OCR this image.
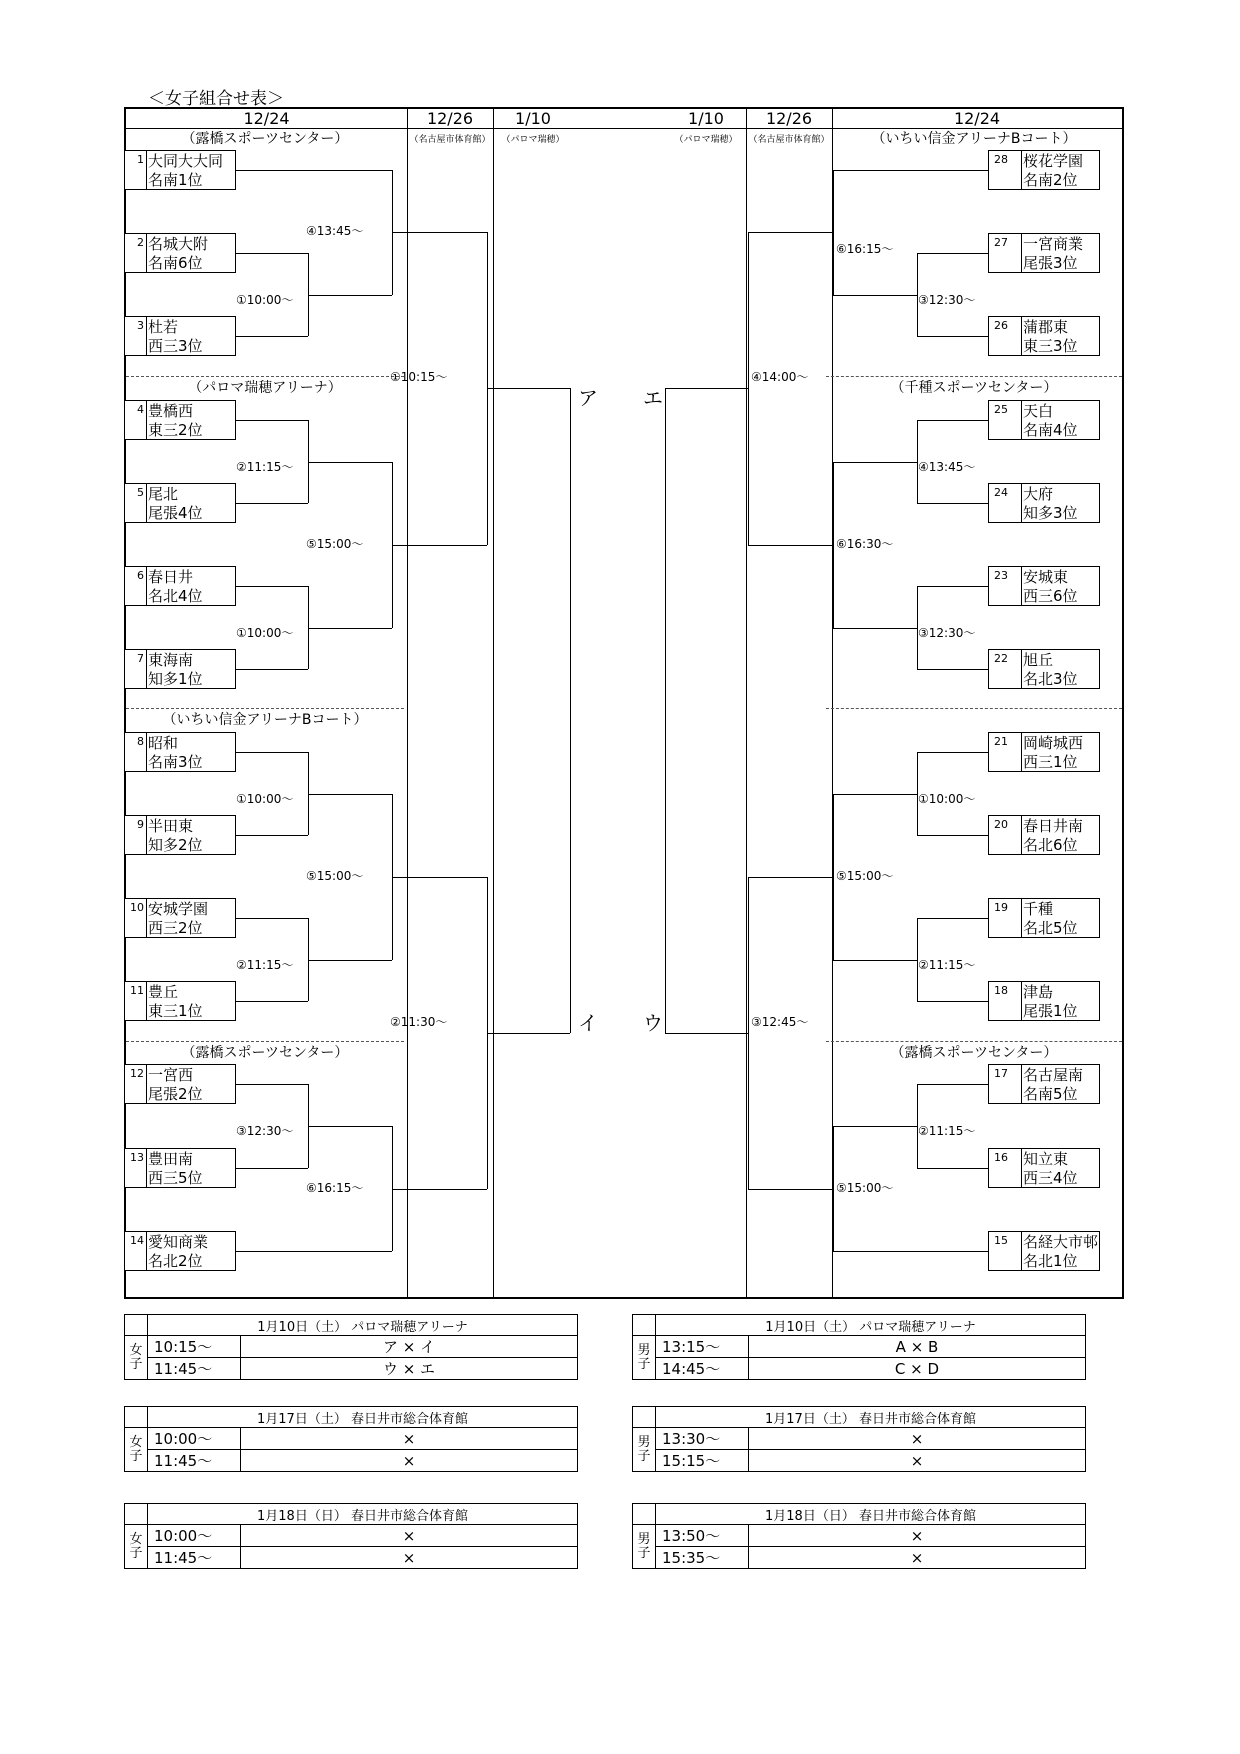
＜女子組合せ表＞
12/24	12/26	1/10	1/10	12/26	12/24
（名古屋市体育館）	（パロマ瑞穂）	（パロマ瑞穂）	（名古屋市体育館）
1 大同大大同
名南1位
2 名城大附
名南6位
3 杜若
西三3位
4 豊橋西
東三2位
5 尾北
尾張4位
6 春日井
名北4位
7 東海南
知多1位
8 昭和
名南3位
9 半田東
知多2位
10 安城学園
西三2位
11 豊丘
東三1位
12 一宮西
尾張2位
13 豊田南
西三5位
14 愛知商業
名北2位
（露橋スポーツセンター）
（パロマ瑞穂アリーナ）
（いちい信金アリーナBコート）
（露橋スポーツセンター）
（いちい信金アリーナBコート）
（千種スポーツセンター）
（露橋スポーツセンター）
28 桜花学園
名南2位
27 一宮商業
尾張3位
26 蒲郡東
東三3位
25 天白
名南4位
24 大府
知多3位
23 安城東
西三6位
22 旭丘
名北3位
21 岡崎城西
西三1位
20 春日井南
名北6位
19 千種
名北5位
18 津島
尾張1位
17 名古屋南
名南5位
16 知立東
西三4位
15 名経大市邨
名北1位
④13:45～
①10:00～
②11:15～
⑤15:00～
①10:00～
①10:00～
⑤15:00～
②11:15～
③12:30～
⑥16:15～
①10:15～
②11:30～
⑥16:15～
③12:30～
④13:45～
⑥16:30～
③12:30～
①10:00～
⑤15:00～
②11:15～
②11:15～
⑤15:00～
④14:00～
③12:45～
ア エ
イ ウ
	1月10日（土） パロマ瑞穂アリーナ	

女
子	10:15～	ア × イ
	11:45～	ウ × エ
	1月10日（土） パロマ瑞穂アリーナ	

男
子	13:15～	A × B
	14:45～	C × D
	1月17日（土） 春日井市総合体育館	

女
子	10:00～	×
	11:45～	×
	1月17日（土） 春日井市総合体育館	

男
子	13:30～	×
	15:15～	×
	1月18日（日） 春日井市総合体育館	

女
子	10:00～	×
	11:45～	×
	1月18日（日） 春日井市総合体育館	

男
子	13:50～	×
	15:35～	×
